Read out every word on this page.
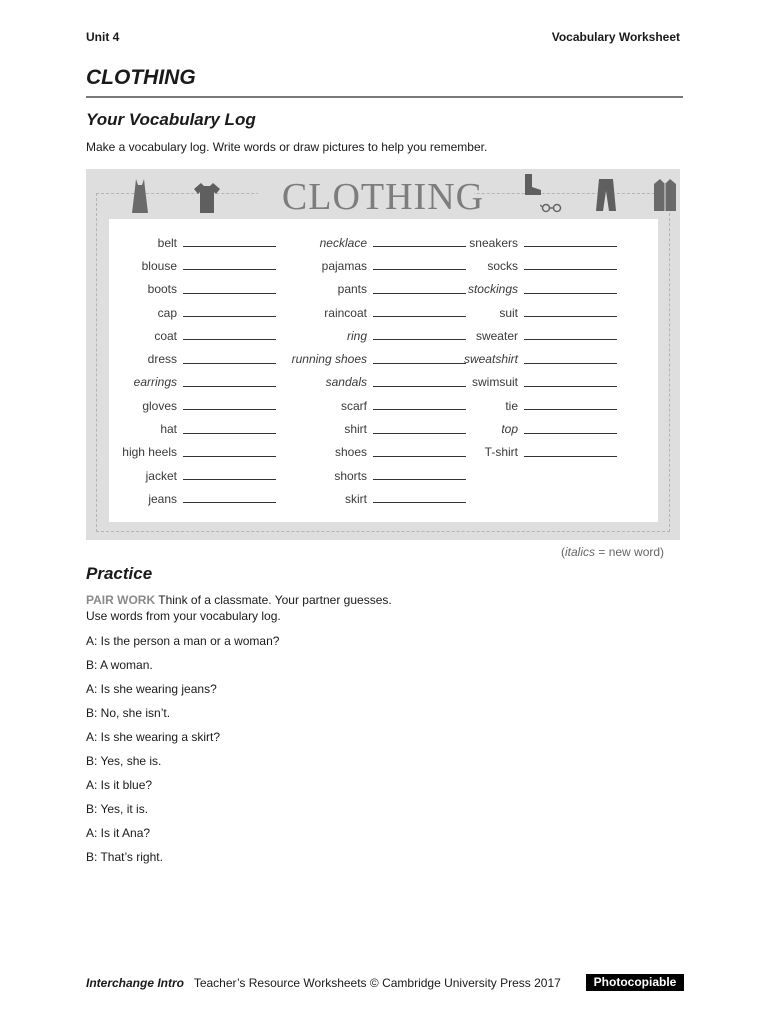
Unit 4	Vocabulary Worksheet
CLOTHING
Your Vocabulary Log
Make a vocabulary log. Write words or draw pictures to help you remember.
CLOTHING
belt
blouse
boots
cap
coat
dress
earrings
gloves
hat
high heels
jacket
jeans
necklace
pajamas
pants
raincoat
ring
running shoes
sandals
scarf
shirt
shoes
shorts
skirt
sneakers
socks
stockings
suit
sweater
sweatshirt
swimsuit
tie
top
T-shirt
(italics = new word)
Practice
PAIR WORK Think of a classmate. Your partner guesses.
Use words from your vocabulary log.
A: Is the person a man or a woman?
B: A woman.
A: Is she wearing jeans?
B: No, she isn’t.
A: Is she wearing a skirt?
B: Yes, she is.
A: Is it blue?
B: Yes, it is.
A: Is it Ana?
B: That’s right.
Interchange Intro Teacher’s Resource Worksheets © Cambridge University Press 2017	Photocopiable
